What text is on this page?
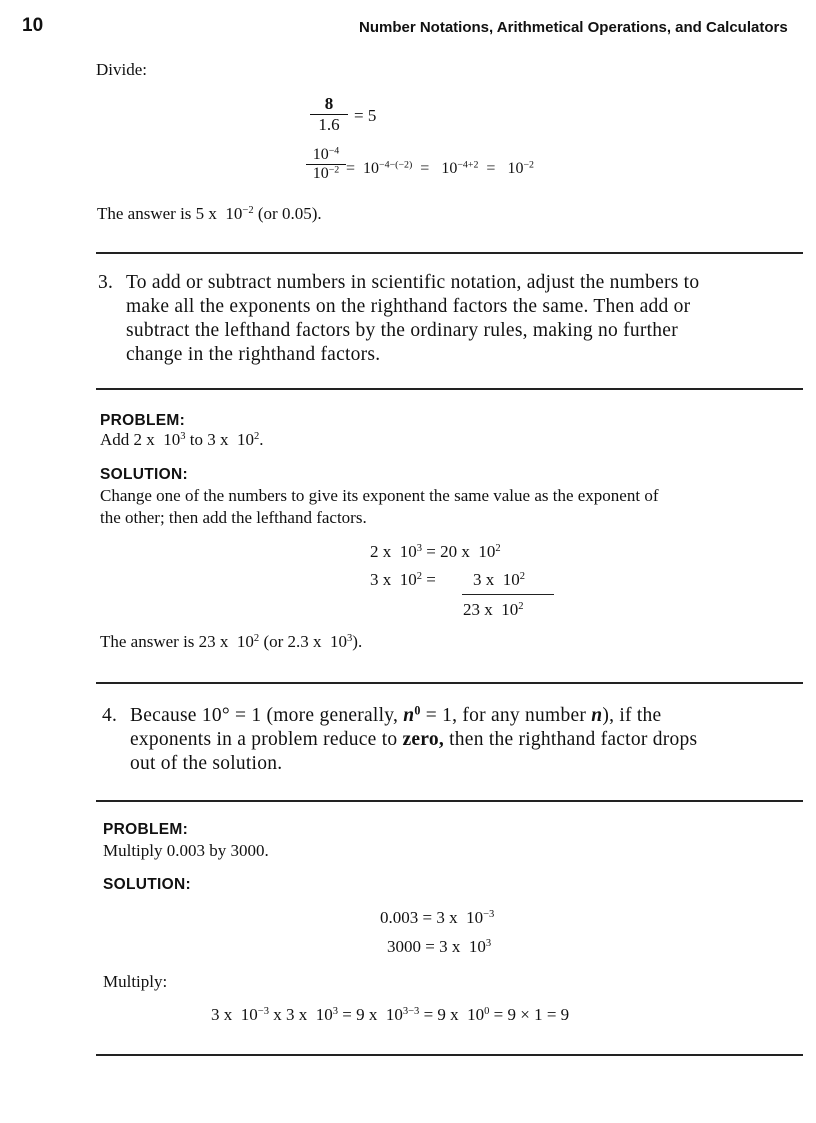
10	Number Notations, Arithmetical Operations, and Calculators
Divide:
8
1.6 = 5
$10^{-4}$
$10^{-2} = 10^{-4-(-2)} = 10^{-4+2} = 10^{-2}$
The answer is 5 x $10^{-2}$ (or 0.05).
3. To add or subtract numbers in scientific notation, adjust the numbers to
make all the exponents on the righthand factors the same. Then add or
subtract the lefthand factors by the ordinary rules, making no further
change in the righthand factors.
PROBLEM:
Add 2 x $10^3$ to 3 x $10^2$.
SOLUTION:
Change one of the numbers to give its exponent the same value as the exponent of
the other; then add the lefthand factors.
2 x $10^3 = 20$ x $10^2$
3 x $10^2 = 3$ x $10^2$
23 x $10^2$
The answer is 23 x $10^2$ (or 2.3 x $10^3$).
4. Because 10° = 1 (more generally, $n^0 = 1$, for any number n), if the
exponents in a problem reduce to zero, then the righthand factor drops
out of the solution.
PROBLEM:
Multiply 0.003 by 3000.
SOLUTION:
0.003 = 3 x $10^{-3}$
3000 = 3 x $10^3$
Multiply:
3 x $10^{-3}$ x 3 x $10^3 = 9$ x $10^{3-3} = 9$ x $10^0 = 9 \times 1 = 9$
